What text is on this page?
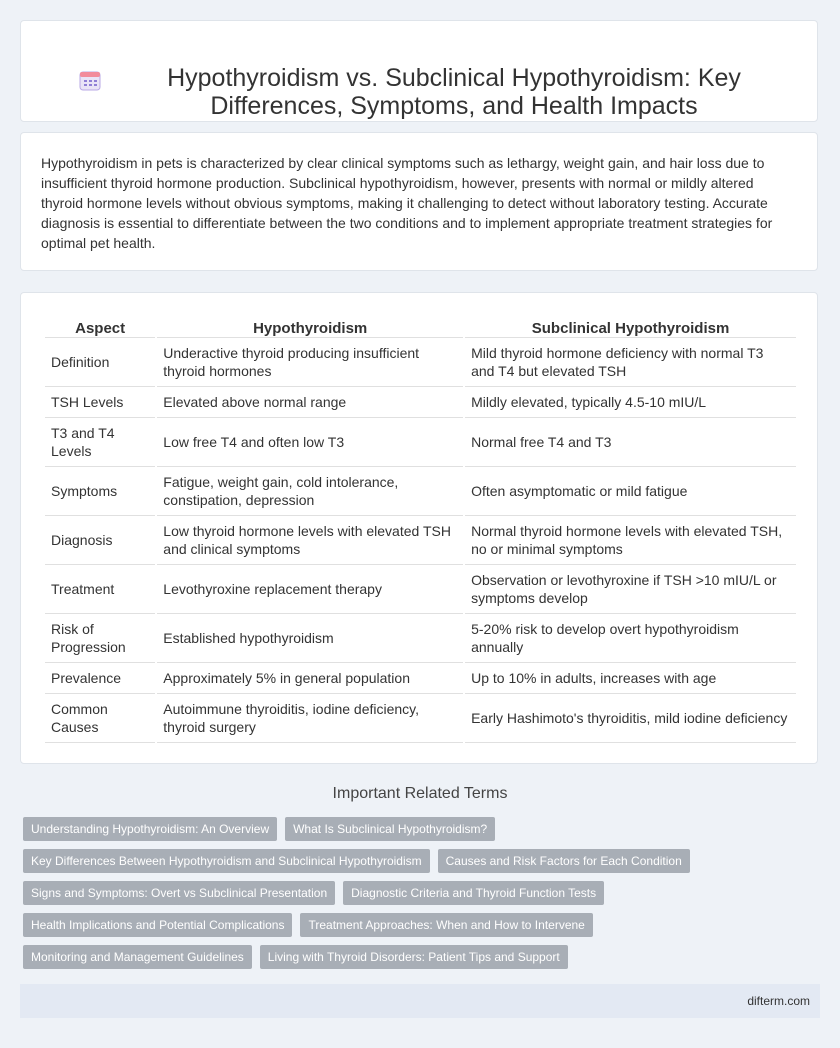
Hypothyroidism vs. Subclinical Hypothyroidism: Key Differences, Symptoms, and Health Impacts

Hypothyroidism in pets is characterized by clear clinical symptoms such as lethargy, weight gain, and hair loss due to insufficient thyroid hormone production. Subclinical hypothyroidism, however, presents with normal or mildly altered thyroid hormone levels without obvious symptoms, making it challenging to detect without laboratory testing. Accurate diagnosis is essential to differentiate between the two conditions and to implement appropriate treatment strategies for optimal pet health.

Aspect	Hypothyroidism	Subclinical Hypothyroidism
Definition	Underactive thyroid producing insufficient thyroid hormones	Mild thyroid hormone deficiency with normal T3 and T4 but elevated TSH
TSH Levels	Elevated above normal range	Mildly elevated, typically 4.5-10 mIU/L
T3 and T4 Levels	Low free T4 and often low T3	Normal free T4 and T3
Symptoms	Fatigue, weight gain, cold intolerance, constipation, depression	Often asymptomatic or mild fatigue
Diagnosis	Low thyroid hormone levels with elevated TSH and clinical symptoms	Normal thyroid hormone levels with elevated TSH, no or minimal symptoms
Treatment	Levothyroxine replacement therapy	Observation or levothyroxine if TSH >10 mIU/L or symptoms develop
Risk of Progression	Established hypothyroidism	5-20% risk to develop overt hypothyroidism annually
Prevalence	Approximately 5% in general population	Up to 10% in adults, increases with age
Common Causes	Autoimmune thyroiditis, iodine deficiency, thyroid surgery	Early Hashimoto's thyroiditis, mild iodine deficiency
Important Related Terms
Understanding Hypothyroidism: An Overview	What Is Subclinical Hypothyroidism?
Key Differences Between Hypothyroidism and Subclinical Hypothyroidism	Causes and Risk Factors for Each Condition
Signs and Symptoms: Overt vs Subclinical Presentation	Diagnostic Criteria and Thyroid Function Tests
Health Implications and Potential Complications	Treatment Approaches: When and How to Intervene
Monitoring and Management Guidelines	Living with Thyroid Disorders: Patient Tips and Support
difterm.com
